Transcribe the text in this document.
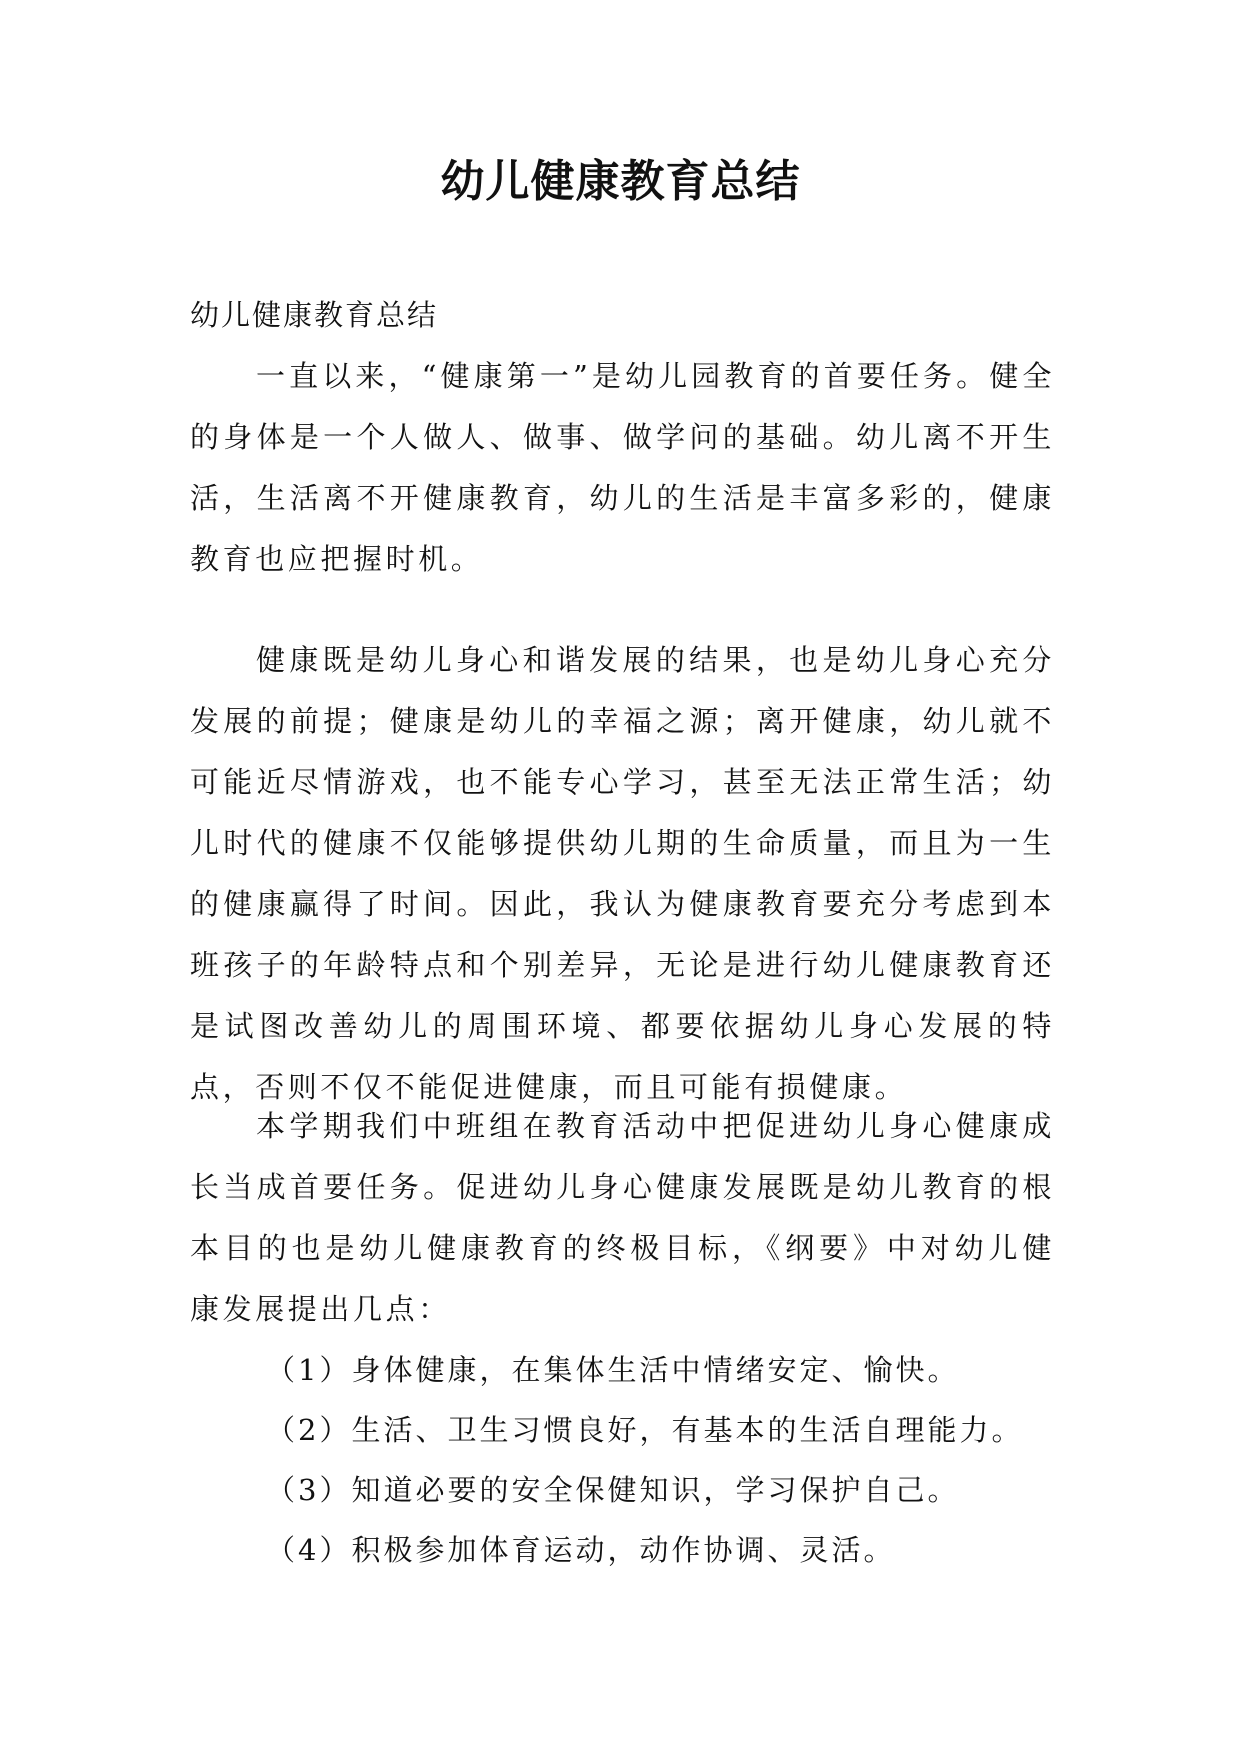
幼儿健康教育总结

幼儿健康教育总结

一直以来，“健康第一”是幼儿园教育的首要任务。健全的身体是一个人做人、做事、做学问的基础。幼儿离不开生活，生活离不开健康教育，幼儿的生活是丰富多彩的，健康教育也应把握时机。

健康既是幼儿身心和谐发展的结果，也是幼儿身心充分发展的前提；健康是幼儿的幸福之源；离开健康，幼儿就不可能近尽情游戏，也不能专心学习，甚至无法正常生活；幼儿时代的健康不仅能够提供幼儿期的生命质量，而且为一生的健康赢得了时间。因此，我认为健康教育要充分考虑到本班孩子的年龄特点和个别差异，无论是进行幼儿健康教育还是试图改善幼儿的周围环境、都要依据幼儿身心发展的特点，否则不仅不能促进健康，而且可能有损健康。

本学期我们中班组在教育活动中把促进幼儿身心健康成长当成首要任务。促进幼儿身心健康发展既是幼儿教育的根本目的也是幼儿健康教育的终极目标，《纲要》中对幼儿健康发展提出几点：

（1）身体健康，在集体生活中情绪安定、愉快。
（2）生活、卫生习惯良好，有基本的生活自理能力。
（3）知道必要的安全保健知识，学习保护自己。
（4）积极参加体育运动，动作协调、灵活。
